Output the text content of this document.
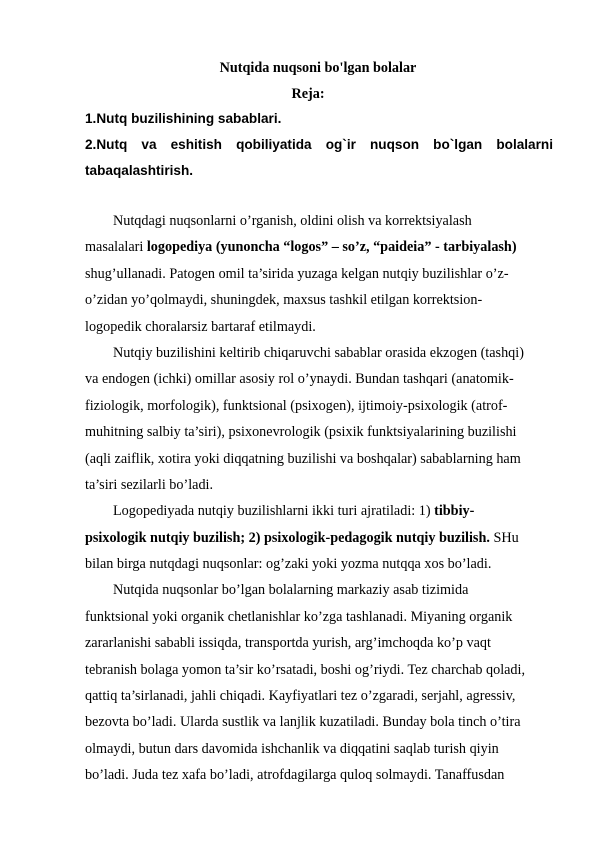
Nutqida nuqsoni bo'lgan bolalar
Reja:
1.Nutq buzilishining sabablari.
2.Nutq va eshitish qobiliyatida og`ir nuqson bo`lgan bolalarni
tabaqalashtirish.
Nutqdagi nuqsonlarni o’rganish, oldini olish va korrektsiyalash
masalalari logopediya (yunoncha “logos” – so’z, “paideia” - tarbiyalash)
shug’ullanadi. Patogen omil ta’sirida yuzaga kelgan nutqiy buzilishlar o’z-
o’zidan yo’qolmaydi, shuningdek, maxsus tashkil etilgan korrektsion-
logopedik choralarsiz bartaraf etilmaydi.
Nutqiy buzilishini keltirib chiqaruvchi sabablar orasida ekzogen (tashqi)
va endogen (ichki) omillar asosiy rol o’ynaydi. Bundan tashqari (anatomik-
fiziologik, morfologik), funktsional (psixogen), ijtimoiy-psixologik (atrof-
muhitning salbiy ta’siri), psixonevrologik (psixik funktsiyalarining buzilishi
(aqli zaiflik, xotira yoki diqqatning buzilishi va boshqalar) sabablarning ham
ta’siri sezilarli bo’ladi.
Logopediyada nutqiy buzilishlarni ikki turi ajratiladi: 1) tibbiy-
psixologik nutqiy buzilish; 2) psixologik-pedagogik nutqiy buzilish. SHu
bilan birga nutqdagi nuqsonlar: og’zaki yoki yozma nutqqa xos bo’ladi.
Nutqida nuqsonlar bo’lgan bolalarning markaziy asab tizimida
funktsional yoki organik chetlanishlar ko’zga tashlanadi. Miyaning organik
zararlanishi sababli issiqda, transportda yurish, arg’imchoqda ko’p vaqt
tebranish bolaga yomon ta’sir ko’rsatadi, boshi og’riydi. Tez charchab qoladi,
qattiq ta’sirlanadi, jahli chiqadi. Kayfiyatlari tez o’zgaradi, serjahl, agressiv,
bezovta bo’ladi. Ularda sustlik va lanjlik kuzatiladi. Bunday bola tinch o’tira
olmaydi, butun dars davomida ishchanlik va diqqatini saqlab turish qiyin
bo’ladi. Juda tez xafa bo’ladi, atrofdagilarga quloq solmaydi. Tanaffusdan
